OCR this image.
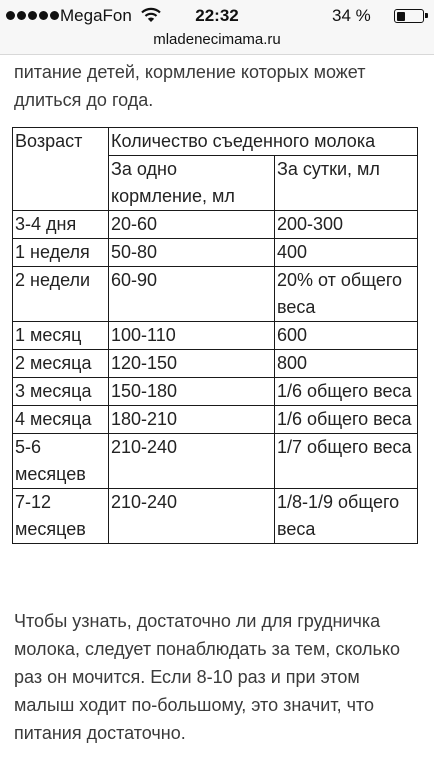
MegaFon	22:32	34 %
mladenecimama.ru

питание детей, кормление которых может длиться до года.

Возраст	Количество съеденного молока	
	За одно кормление, мл	За сутки, мл
3-4 дня	20-60	200-300
1 неделя	50-80	400
2 недели	60-90	20% от общего веса
1 месяц	100-110	600
2 месяца	120-150	800
3 месяца	150-180	1/6 общего веса
4 месяца	180-210	1/6 общего веса
5-6 месяцев	210-240	1/7 общего веса
7-12 месяцев	210-240	1/8-1/9 общего веса

Чтобы узнать, достаточно ли для грудничка молока, следует понаблюдать за тем, сколько раз он мочится. Если 8-10 раз и при этом малыш ходит по-большому, это значит, что питания достаточно.
